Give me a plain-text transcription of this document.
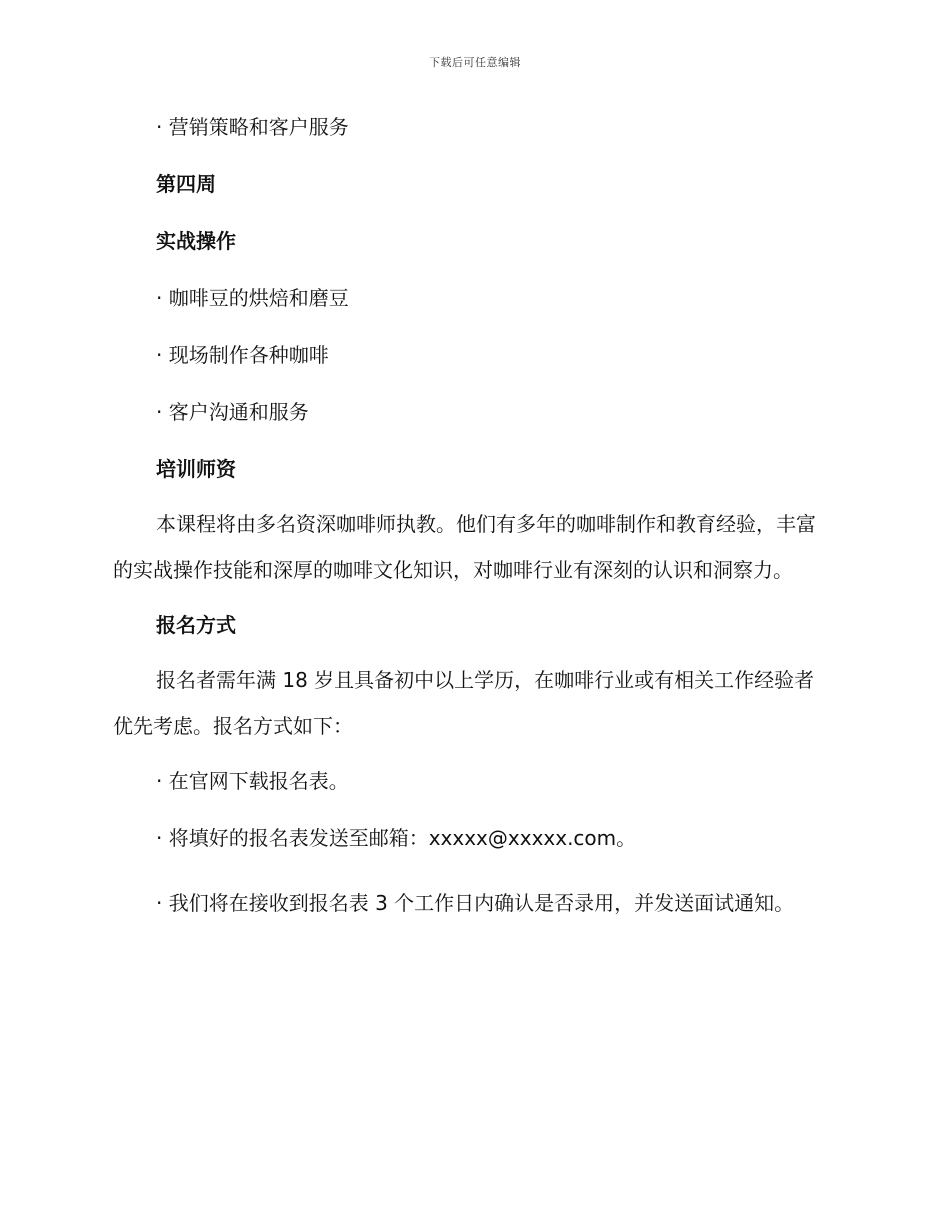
下载后可任意编辑

· 营销策略和客户服务

第四周

实战操作

· 咖啡豆的烘焙和磨豆

· 现场制作各种咖啡

· 客户沟通和服务

培训师资

本课程将由多名资深咖啡师执教。他们有多年的咖啡制作和教育经验，丰富的实战操作技能和深厚的咖啡文化知识，对咖啡行业有深刻的认识和洞察力。

报名方式

报名者需年满 18 岁且具备初中以上学历，在咖啡行业或有相关工作经验者优先考虑。报名方式如下：

· 在官网下载报名表。

· 将填好的报名表发送至邮箱：xxxxx@xxxxx.com。

· 我们将在接收到报名表 3 个工作日内确认是否录用，并发送面试通知。
